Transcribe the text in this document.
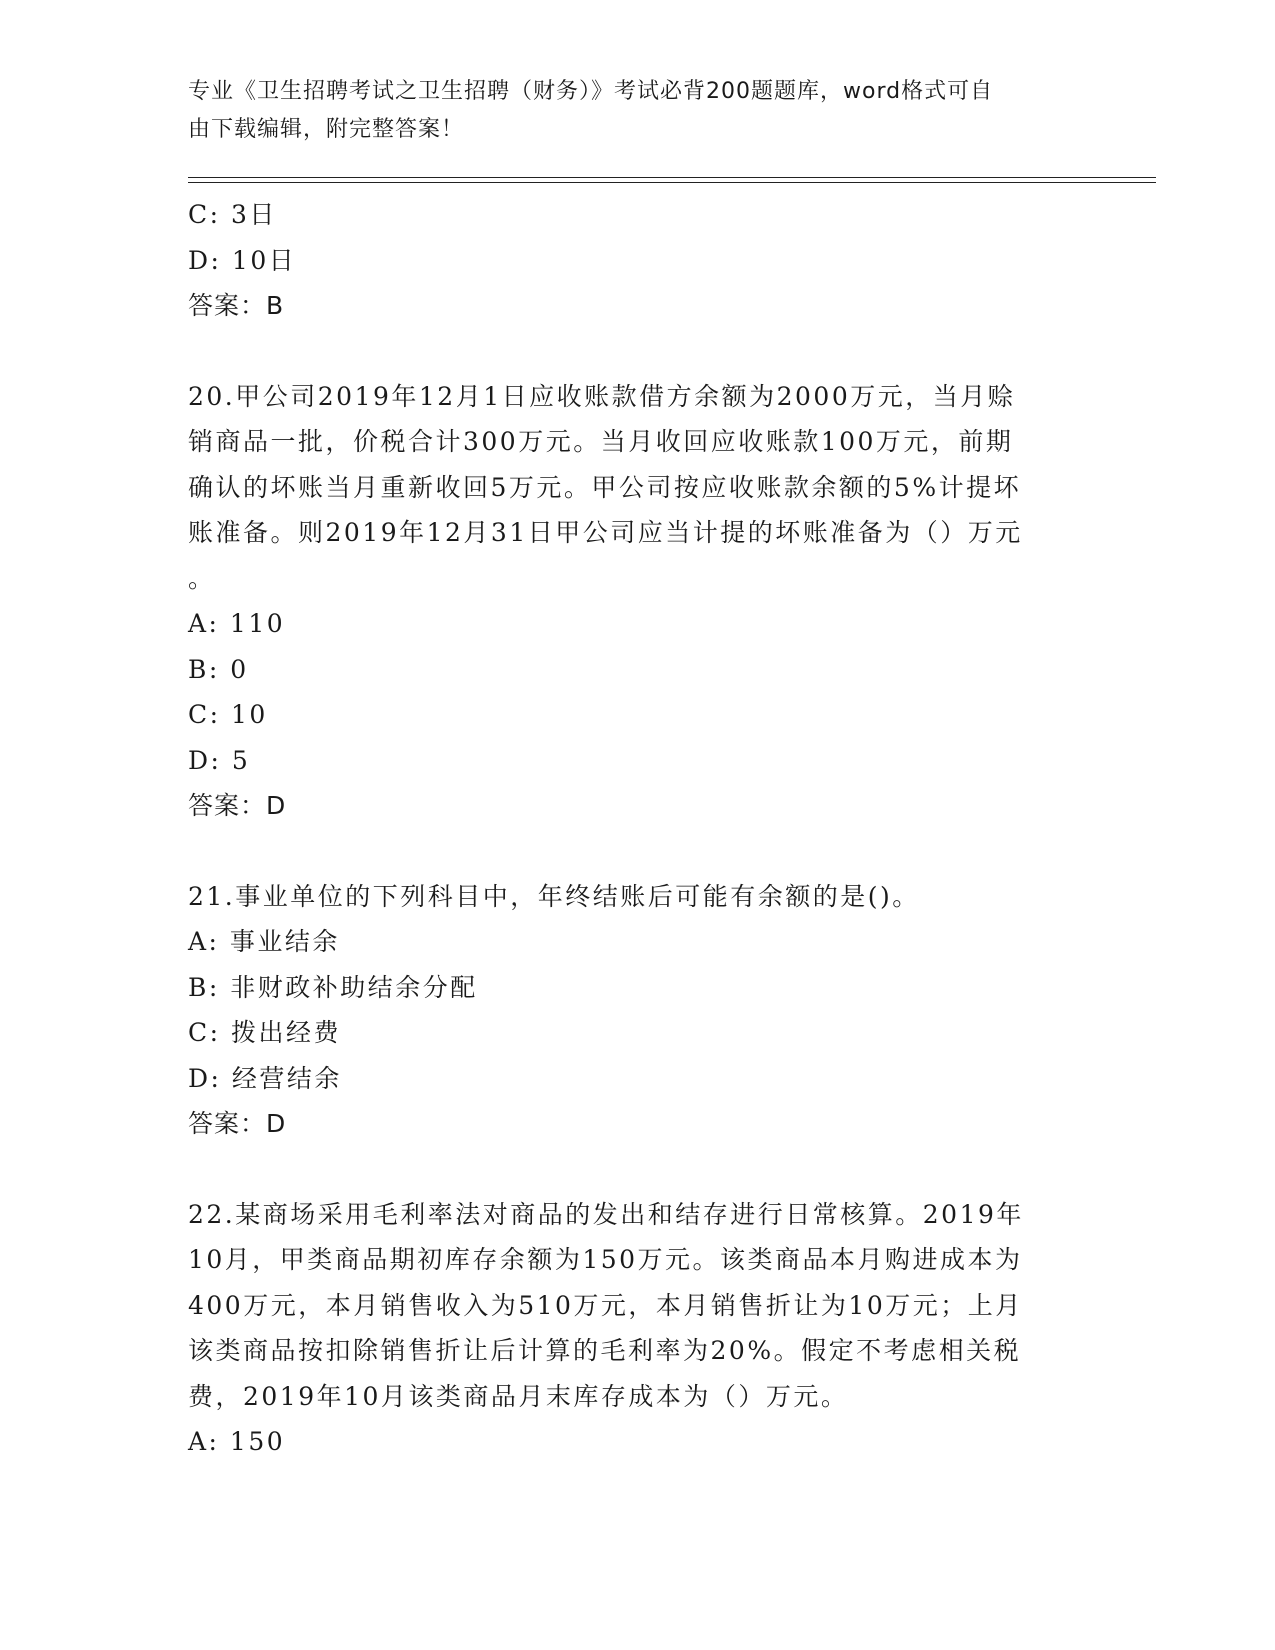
专业《卫生招聘考试之卫生招聘（财务）》考试必背200题题库，word格式可自
由下载编辑，附完整答案！

C: 3日

D: 10日

答案：B

20.甲公司2019年12月1日应收账款借方余额为2000万元，当月赊

销商品一批，价税合计300万元。当月收回应收账款100万元，前期

确认的坏账当月重新收回5万元。甲公司按应收账款余额的5%计提坏

账准备。则2019年12月31日甲公司应当计提的坏账准备为（）万元

。

A: 110

B: 0

C: 10

D: 5

答案：D

21.事业单位的下列科目中，年终结账后可能有余额的是()。

A: 事业结余

B: 非财政补助结余分配

C: 拨出经费

D: 经营结余

答案：D

22.某商场采用毛利率法对商品的发出和结存进行日常核算。2019年

10月，甲类商品期初库存余额为150万元。该类商品本月购进成本为

400万元，本月销售收入为510万元，本月销售折让为10万元；上月

该类商品按扣除销售折让后计算的毛利率为20%。假定不考虑相关税

费，2019年10月该类商品月末库存成本为（）万元。

A: 150
